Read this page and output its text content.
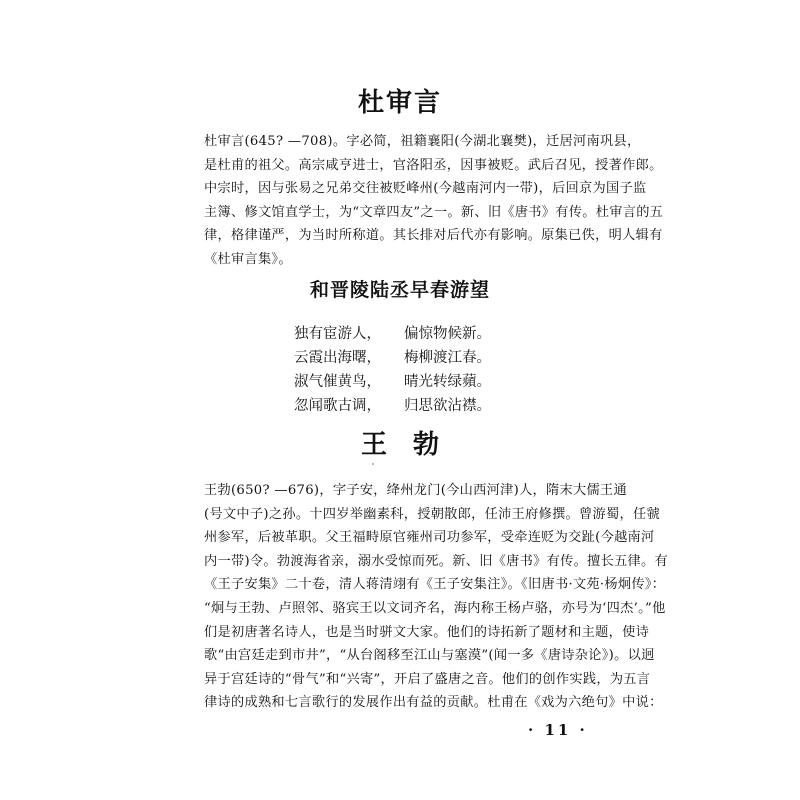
杜审言
杜审言(645? —708)。字必简，祖籍襄阳(今湖北襄樊)，迁居河南巩县，
是杜甫的祖父。高宗咸亨进士，官洛阳丞，因事被贬。武后召见，授著作郎。
中宗时，因与张易之兄弟交往被贬峰州(今越南河内一带)，后回京为国子监
主簿、修文馆直学士，为“文章四友”之一。新、旧《唐书》有传。杜审言的五
律，格律谨严，为当时所称道。其长排对后代亦有影响。原集已佚，明人辑有
《杜审言集》。
和晋陵陆丞早春游望
独有宦游人， 偏惊物候新。
云霞出海曙， 梅柳渡江春。
淑气催黄鸟， 晴光转绿蘋。
忽闻歌古调， 归思欲沾襟。
王勃
王勃(650? —676)，字子安，绛州龙门(今山西河津)人，隋末大儒王通
(号文中子)之孙。十四岁举幽素科，授朝散郎，任沛王府修撰。曾游蜀，任虢
州参军，后被革职。父王福畤原官雍州司功参军，受牵连贬为交趾(今越南河
内一带)令。勃渡海省亲，溺水受惊而死。新、旧《唐书》有传。擅长五律。有
《王子安集》二十卷，清人蒋清翊有《王子安集注》。《旧唐书·文苑·杨炯传》：
“炯与王勃、卢照邻、骆宾王以文词齐名，海内称王杨卢骆，亦号为‘四杰’。”他
们是初唐著名诗人，也是当时骈文大家。他们的诗拓新了题材和主题，使诗
歌“由宫廷走到市井”，“从台阁移至江山与塞漠”(闻一多《唐诗杂论》)。以迥
异于宫廷诗的“骨气”和“兴寄”，开启了盛唐之音。他们的创作实践，为五言
律诗的成熟和七言歌行的发展作出有益的贡献。杜甫在《戏为六绝句》中说：
· 11 ·
